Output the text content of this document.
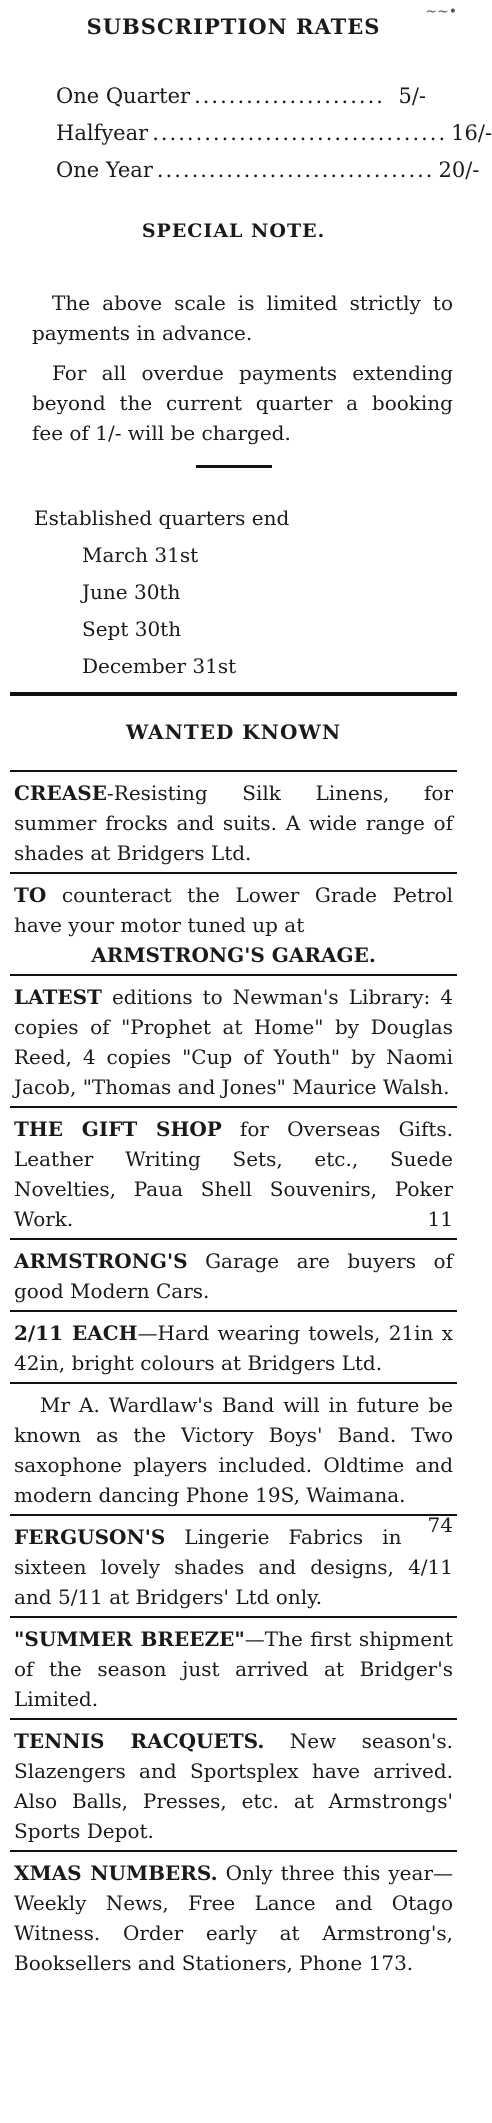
~~•
SUBSCRIPTION RATES
One Quarter ...................... 5/-
Halfyear .................................. 16/-
One Year ................................ 20/-
SPECIAL NOTE.

The above scale is limited strictly to payments in advance.

For all overdue payments extending beyond the current quarter a booking fee of 1/- will be charged.

Established quarters end
March 31st
June 30th
Sept 30th
December 31st
WANTED KNOWN
CREASE-Resisting Silk Linens, for summer frocks and suits. A wide range of shades at Bridgers Ltd.
TO counteract the Lower Grade Petrol have your motor tuned up at
ARMSTRONG'S GARAGE.
LATEST editions to Newman's Library: 4 copies of "Prophet at Home" by Douglas Reed, 4 copies "Cup of Youth" by Naomi Jacob, "Thomas and Jones" Maurice Walsh.
THE GIFT SHOP for Overseas Gifts. Leather Writing Sets, etc., Suede Novelties, Paua Shell Souvenirs, Poker Work.	11
ARMSTRONG'S Garage are buyers of good Modern Cars.
2/11 EACH—Hard wearing towels, 21in x 42in, bright colours at Bridgers Ltd.
Mr A. Wardlaw's Band will in future be known as the Victory Boys' Band. Two saxophone players included. Oldtime and modern dancing Phone 19S, Waimana.
74
FERGUSON'S Lingerie Fabrics in sixteen lovely shades and designs, 4/11 and 5/11 at Bridgers' Ltd only.
"SUMMER BREEZE"—The first shipment of the season just arrived at Bridger's Limited.
TENNIS RACQUETS. New season's. Slazengers and Sportsplex have arrived. Also Balls, Presses, etc. at Armstrongs' Sports Depot.
XMAS NUMBERS. Only three this year—Weekly News, Free Lance and Otago Witness. Order early at Armstrong's, Booksellers and Stationers, Phone 173.
